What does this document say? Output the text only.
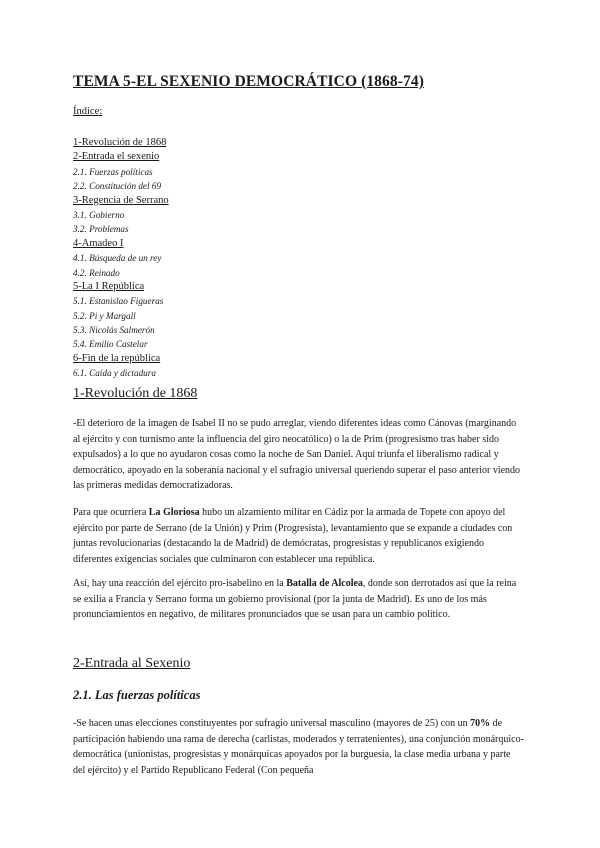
TEMA 5-EL SEXENIO DEMOCRÁTICO (1868-74)
Índice:
1-Revolución de 1868
2-Entrada el sexenio
2.1. Fuerzas políticas
2.2. Constitución del 69
3-Regencia de Serrano
3.1. Gobierno
3.2. Problemas
4-Amadeo I
4.1. Búsqueda de un rey
4.2. Reinado
5-La I República
5.1. Estanislao Figueras
5.2. Pi y Margall
5.3. Nicolás Salmerón
5.4. Emilio Castelar
6-Fin de la república
6.1. Caída y dictadura
1-Revolución de 1868

-El deterioro de la imagen de Isabel II no se pudo arreglar, viendo diferentes ideas como Cánovas (marginando al ejército y con turnismo ante la influencia del giro neocatólico) o la de Prim (progresismo tras haber sido expulsados) a lo que no ayudaron cosas como la noche de San Daniel. Aquí triunfa el liberalismo radical y democrático, apoyado en la soberanía nacional y el sufragio universal queriendo superar el paso anterior viendo las primeras medidas democratizadoras.

Para que ocurriera La Gloriosa hubo un alzamiento militar en Cádiz por la armada de Topete con apoyo del ejército por parte de Serrano (de la Unión) y Prim (Progresista), levantamiento que se expande a ciudades con juntas revolucionarias (destacando la de Madrid) de demócratas, progresistas y republicanos exigiendo diferentes exigencias sociales que culminaron con establecer una república.

Así, hay una reacción del ejército pro-isabelino en la Batalla de Alcolea, donde son derrotados así que la reina se exilia a Francia y Serrano forma un gobierno provisional (por la junta de Madrid). Es uno de los más pronunciamientos en negativo, de militares pronunciados que se usan para un cambio político.

2-Entrada al Sexenio
2.1. Las fuerzas políticas

-Se hacen unas elecciones constituyentes por sufragio universal masculino (mayores de 25) con un 70% de participación habiendo una rama de derecha (carlistas, moderados y terratenientes), una conjunción monárquico-democrática (unionistas, progresistas y monárquicas apoyados por la burguesía, la clase media urbana y parte del ejército) y el Partido Republicano Federal (Con pequeña
